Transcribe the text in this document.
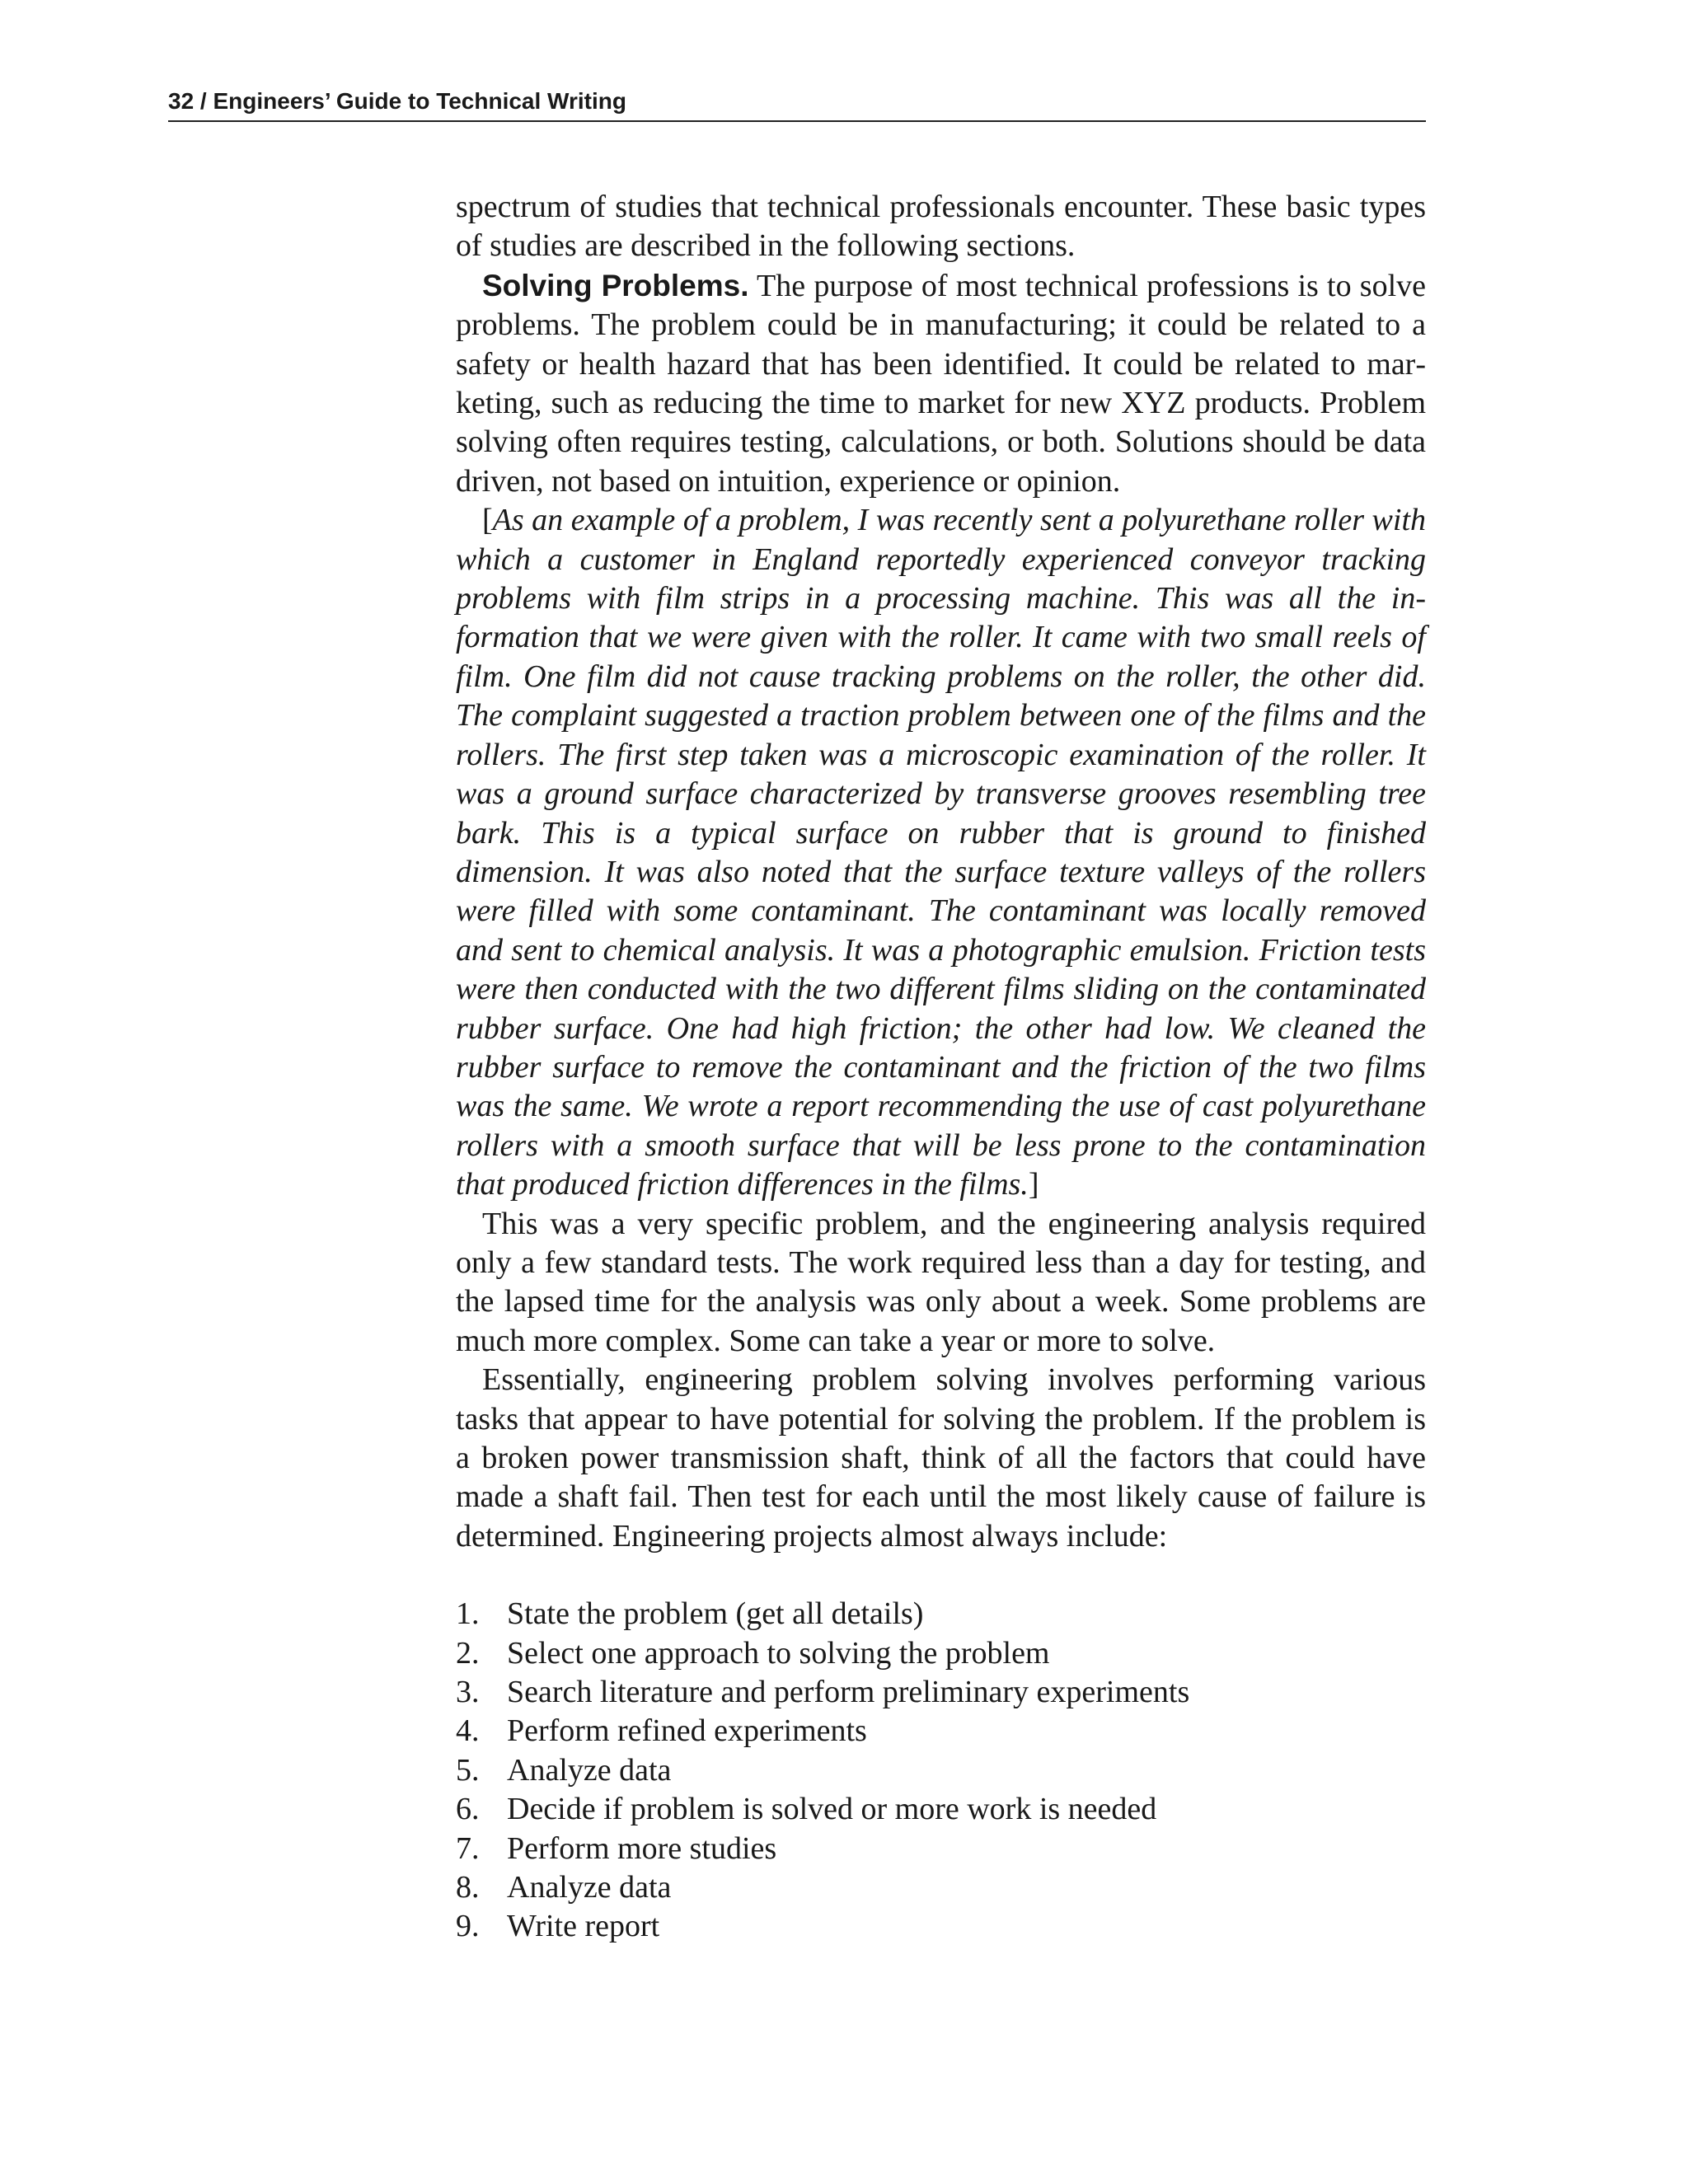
32 / Engineers’ Guide to Technical Writing

spectrum of studies that technical professionals encounter. These basic types of studies are described in the following sections.

Solving Problems. The purpose of most technical professions is to solve problems. The problem could be in manufacturing; it could be related to a safety or health hazard that has been identified. It could be related to marketing, such as reducing the time to market for new XYZ products. Problem solving often requires testing, calculations, or both. Solutions should be data driven, not based on intuition, experience or opinion.

[As an example of a problem, I was recently sent a polyurethane roller with which a customer in England reportedly experienced conveyor tracking problems with film strips in a processing machine. This was all the information that we were given with the roller. It came with two small reels of film. One film did not cause tracking problems on the roller, the other did. The complaint suggested a traction problem between one of the films and the rollers. The first step taken was a microscopic examination of the roller. It was a ground surface characterized by transverse grooves resembling tree bark. This is a typical surface on rubber that is ground to finished dimension. It was also noted that the surface texture valleys of the rollers were filled with some contaminant. The contaminant was locally removed and sent to chemical analysis. It was a photographic emulsion. Friction tests were then conducted with the two different films sliding on the contaminated rubber surface. One had high friction; the other had low. We cleaned the rubber surface to remove the contaminant and the friction of the two films was the same. We wrote a report recommending the use of cast polyurethane rollers with a smooth surface that will be less prone to the contamination that produced friction differences in the films.]

This was a very specific problem, and the engineering analysis required only a few standard tests. The work required less than a day for testing, and the lapsed time for the analysis was only about a week. Some problems are much more complex. Some can take a year or more to solve.

Essentially, engineering problem solving involves performing various tasks that appear to have potential for solving the problem. If the problem is a broken power transmission shaft, think of all the factors that could have made a shaft fail. Then test for each until the most likely cause of failure is determined. Engineering projects almost always include:

1. State the problem (get all details)
2. Select one approach to solving the problem
3. Search literature and perform preliminary experiments
4. Perform refined experiments
5. Analyze data
6. Decide if problem is solved or more work is needed
7. Perform more studies
8. Analyze data
9. Write report
